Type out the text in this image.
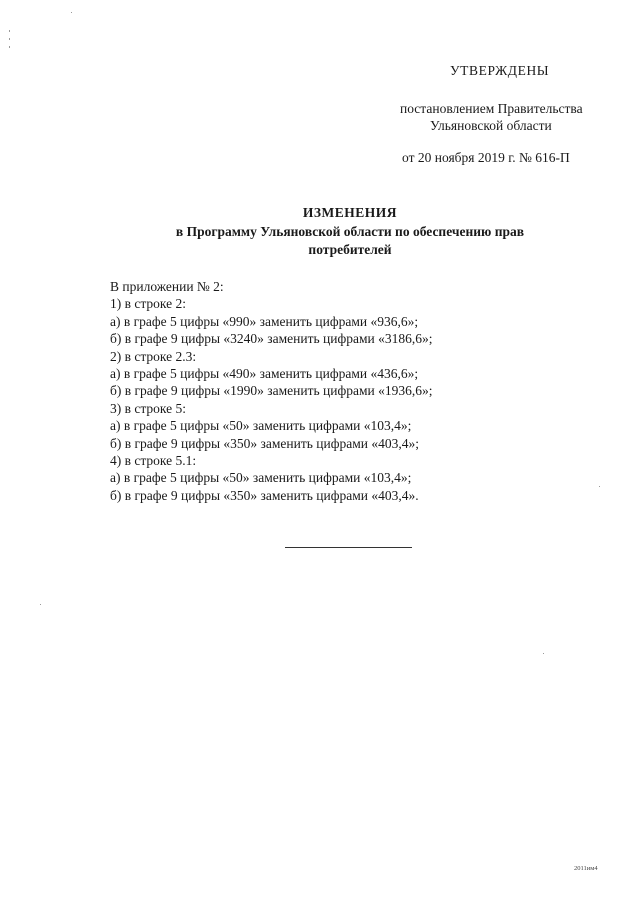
УТВЕРЖДЕНЫ
постановлением Правительства
Ульяновской области
от 20 ноября 2019 г. № 616-П
ИЗМЕНЕНИЯ
в Программу Ульяновской области по обеспечению прав
потребителей
В приложении № 2:
1) в строке 2:
а) в графе 5 цифры «990» заменить цифрами «936,6»;
б) в графе 9 цифры «3240» заменить цифрами «3186,6»;
2) в строке 2.3:
а) в графе 5 цифры «490» заменить цифрами «436,6»;
б) в графе 9 цифры «1990» заменить цифрами «1936,6»;
3) в строке 5:
а) в графе 5 цифры «50» заменить цифрами «103,4»;
б) в графе 9 цифры «350» заменить цифрами «403,4»;
4) в строке 5.1:
а) в графе 5 цифры «50» заменить цифрами «103,4»;
б) в графе 9 цифры «350» заменить цифрами «403,4».
2011им4
